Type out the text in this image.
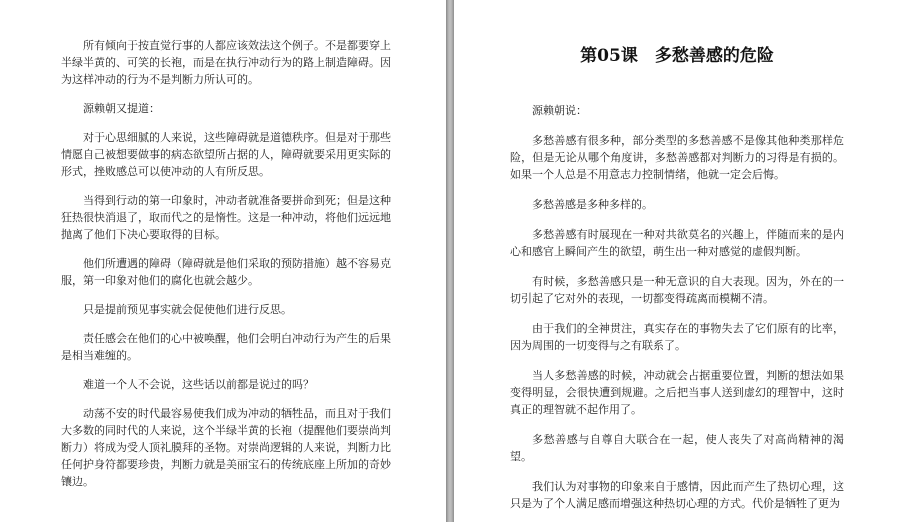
所有倾向于按直觉行事的人都应该效法这个例子。不是都要穿上半绿半黄的、可笑的长袍，而是在执行冲动行为的路上制造障碍。因为这样冲动的行为不是判断力所认可的。

源赖朝又提道：

对于心思细腻的人来说，这些障碍就是道德秩序。但是对于那些情愿自己被想要做事的病态欲望所占据的人，障碍就要采用更实际的形式，挫败感总可以使冲动的人有所反思。

当得到行动的第一印象时，冲动者就准备要拼命到死；但是这种狂热很快消退了，取而代之的是惰性。这是一种冲动，将他们远远地抛离了他们下决心要取得的目标。

他们所遭遇的障碍（障碍就是他们采取的预防措施）越不容易克服，第一印象对他们的腐化也就会越少。

只是提前预见事实就会促使他们进行反思。

责任感会在他们的心中被唤醒，他们会明白冲动行为产生的后果是相当难缠的。

难道一个人不会说，这些话以前都是说过的吗？

动荡不安的时代最容易使我们成为冲动的牺牲品，而且对于我们大多数的同时代的人来说，这个半绿半黄的长袍（提醒他们要崇尚判断力）将成为受人顶礼膜拜的圣物。对崇尚逻辑的人来说，判断力比任何护身符都要珍贵，判断力就是美丽宝石的传统底座上所加的奇妙镶边。

第05课　多愁善感的危险

源赖朝说：

多愁善感有很多种，部分类型的多愁善感不是像其他种类那样危险，但是无论从哪个角度讲，多愁善感都对判断力的习得是有损的。如果一个人总是不用意志力控制情绪，他就一定会后悔。

多愁善感是多种多样的。

多愁善感有时展现在一种对共欲莫名的兴趣上，伴随而来的是内心和感官上瞬间产生的欲望，萌生出一种对感觉的虚假判断。

有时候，多愁善感只是一种无意识的自大表现。因为，外在的一切引起了它对外的表现，一切都变得疏离而模糊不清。

由于我们的全神贯注，真实存在的事物失去了它们原有的比率，因为周围的一切变得与之有联系了。

当人多愁善感的时候，冲动就会占据重要位置，判断的想法如果变得明显，会很快遭到规避。之后把当事人送到虚幻的理智中，这时真正的理智就不起作用了。

多愁善感与自尊自大联合在一起，使人丧失了对高尚精神的渴望。

我们认为对事物的印象来自于感情，因此而产生了热切心理，这只是为了个人满足感而增强这种热切心理的方式。代价是牺牲了更为
